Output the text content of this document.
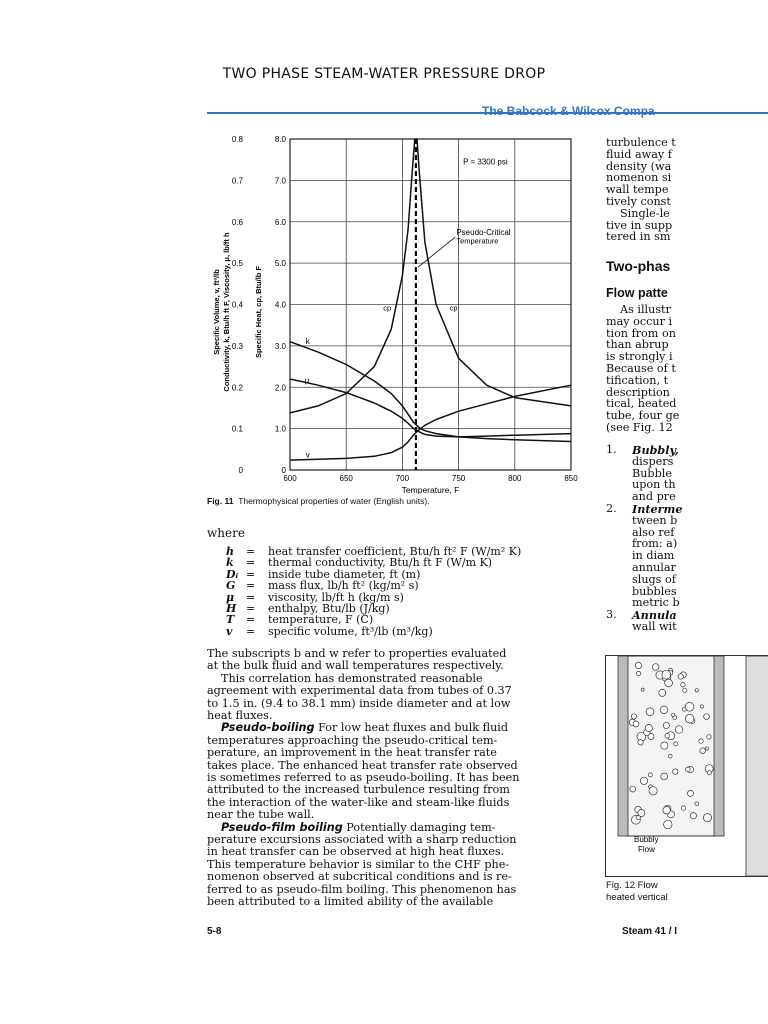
TWO PHASE STEAM-WATER PRESSURE DROP
The Babcock & Wilcox Compa
600	650	700	750	800	850
0
1.0
2.0
3.0
4.0
5.0
6.0
7.0
8.0
0
0.1
0.2
0.3
0.4
0.5
0.6
0.7
0.8
Temperature, F
Specific Volume, v, ft³/lb Conductivity, k, Btu/h ft F, Viscosity, μ, lb/ft h	Specific Heat, cp, Btu/lb F	k
μ
v
cp	cp
P = 3300 psi
Pseudo-Critical
Temperature
Fig. 11 Thermophysical properties of water (English units).
where
Bubbly
Flow
Fig. 12 Flow
heated vertical
5-8	Steam 41 / I
h = heat transfer coefficient, Btu/h ft² F (W/m² K)
k = thermal conductivity, Btu/h ft F (W/m K)
Dᵢ = inside tube diameter, ft (m)
G = mass flux, lb/h ft² (kg/m² s)
μ = viscosity, lb/ft h (kg/m s)
H = enthalpy, Btu/lb (J/kg)
T = temperature, F (C)
v = specific volume, ft³/lb (m³/kg)
The subscripts b and w refer to properties evaluated
at the bulk fluid and wall temperatures respectively.
This correlation has demonstrated reasonable
agreement with experimental data from tubes of 0.37
to 1.5 in. (9.4 to 38.1 mm) inside diameter and at low
heat fluxes.
Pseudo-boiling For low heat fluxes and bulk fluid
temperatures approaching the pseudo-critical tem-
perature, an improvement in the heat transfer rate
takes place. The enhanced heat transfer rate observed
is sometimes referred to as pseudo-boiling. It has been
attributed to the increased turbulence resulting from
the interaction of the water-like and steam-like fluids
near the tube wall.
Pseudo-film boiling Potentially damaging tem-
perature excursions associated with a sharp reduction
in heat transfer can be observed at high heat fluxes.
This temperature behavior is similar to the CHF phe-
nomenon observed at subcritical conditions and is re-
ferred to as pseudo-film boiling. This phenomenon has
been attributed to a limited ability of the available
turbulence t
fluid away f
density (wa
nomenon si
wall tempe
tively const
Single-le
tive in supp
tered in sm
Two-phas
Flow patte
As illustr
may occur i
tion from on
than abrup
is strongly i
Because of t
tification, t
description
tical, heated
tube, four ge
(see Fig. 12
1. Bubbly,
dispers
Bubble
upon th
and pre
2. Interme
tween b
also ref
from: a)
in diam
annular
slugs of
bubbles
metric b
3. Annula
wall wit
